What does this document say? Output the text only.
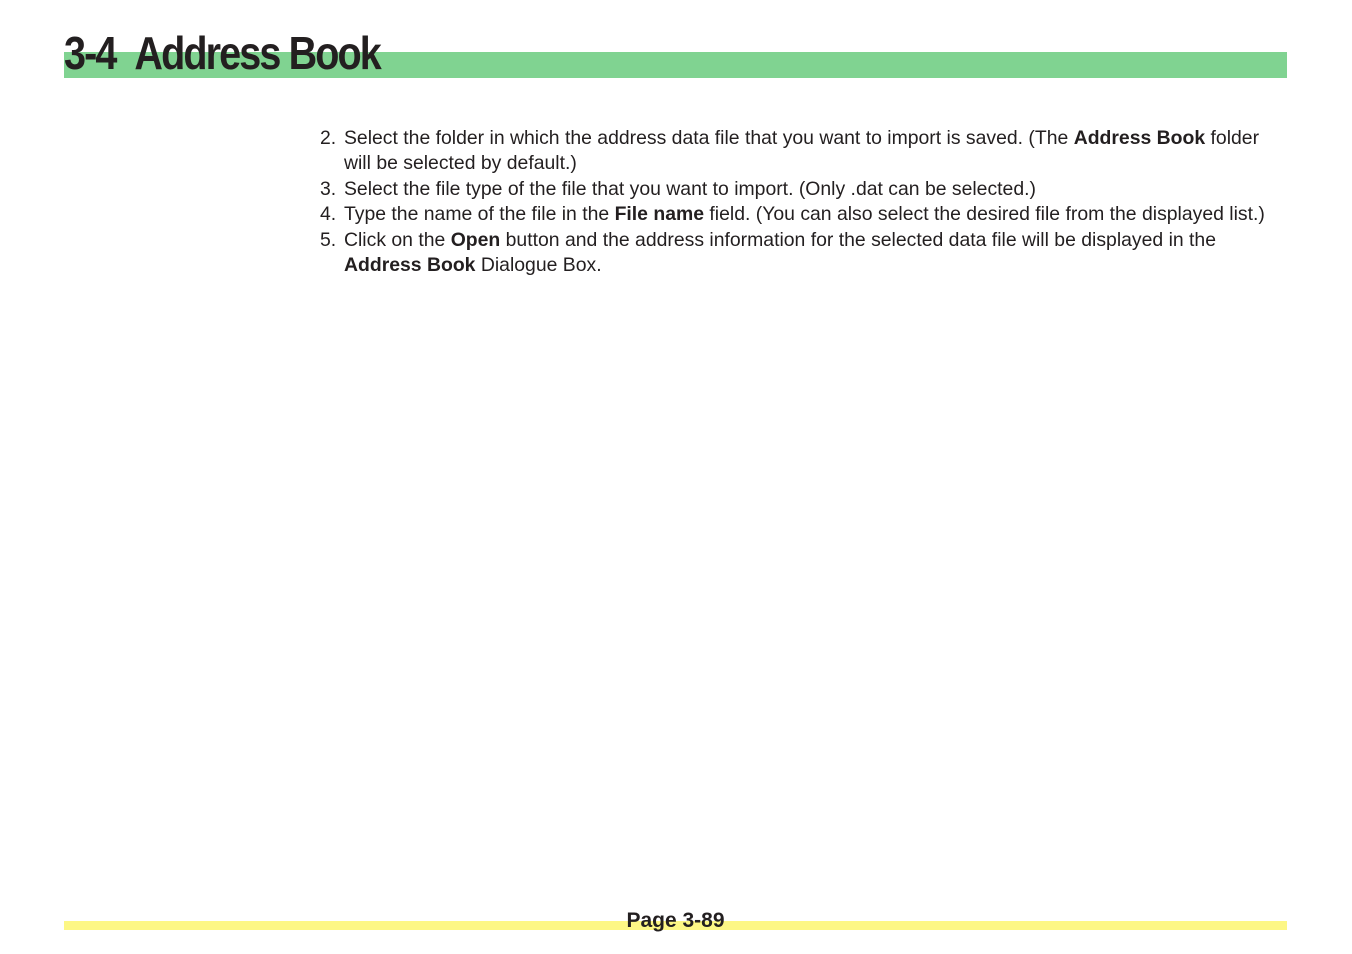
3-4 Address Book
2. Select the folder in which the address data file that you want to import is saved. (The Address Book folder will be selected by default.)
3. Select the file type of the file that you want to import. (Only .dat can be selected.)
4. Type the name of the file in the File name field. (You can also select the desired file from the displayed list.)
5. Click on the Open button and the address information for the selected data file will be displayed in the Address Book Dialogue Box.
Page 3-89
